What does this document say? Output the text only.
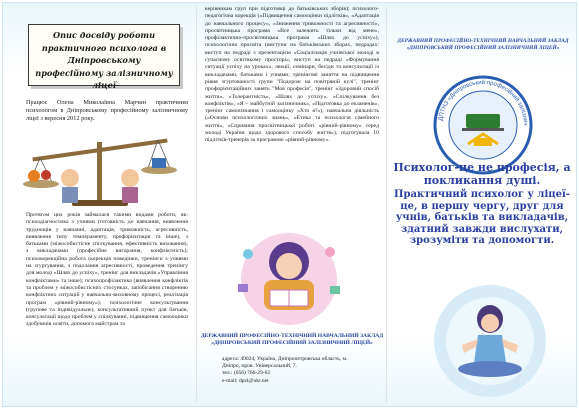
Опис досвіду роботи практичного психолога в Дніпровському професійному залізничному ліцеї
Працює Олена Миколаївна Марчин практичним психологом в Дніпровському професійному залізничному ліцеї з вересня 2012 року.
Протягом цих років займалася такими видами роботи, як: психодіагностика з учнями (готовність до навчання, виявлення труднощів у навчанні, адаптація, тривожність, агресивність, виявлення типу темпераменту, профорієнтація та інше), з батьками (міжособистісне спілкування, ефективність виховання), з викладачами (професійне вигорання, конфліктність); психокорекційна робота (корекція поведінки, тренінги з учнями на згуртування, з подолання агресивності, проведення тренінгу для молоді «Шлях до успіху», тренінг для викладачів «Управління конфліктами» та інше); психопрофілактика (виявлення конфліктів та проблем у міжособистісних стосунках, запобігання створенню конфліктних ситуацій у навчально-виховному процесі, реалізація програм «рівний-рівному»); психологічне консультування (групове та індивідуальне), консультативний пункт для батьків, консультації щодо проблем у спілкуванні, підвищення самооцінки здобувачів освіти, допомога майстрам та
керівникам груп при підготовці до батьківських зборів); психолого-педагогічна корекція («Підвищення самооцінки підлітків», «Адаптація до навчального процесу», «Зниження тривожності та агресивності», просвітницька програма «Все залежить тільки від мене», профілактично-просвітницька програма «Шлях до успіху»), психологічна просвіта (виступи на батьківських зборах, педрадах: виступ на педраді з презентацією «Соціалізація учнівської молоді в сучасному освітньому просторі», виступ на педраді «Формування ситуації успіху на уроках», лекції, семінари, бесіди та консультації із викладачами, батьками і учнями; тренінгові заняття на підвищення рівня згуртованості групи "Подорож на повітряній кулі", тренінг профорієнтаційних занять "Моя професія", тренінг «Здоровий спосіб життя», «Толерантність», «Шлях до успіху», «Спілкування без конфліктів», «Я – майбутній залізничник», «Підготовка до екзаменів», тренінг самопізнання і самооцінку «Хто я?»), навчальна діяльність («Основи психологічних знань», «Етика та психологія сімейного життя», «Сприяння просвітницької роботі «рівний-рівному» серед молоді України щодо здорового способу життя»), підготувала 10 підлітків-тренерів за програмою «рівний-рівному».
ДЕРЖАВНИЙ ПРОФЕСІЙНО-ТЕХНІЧНИЙ НАВЧАЛЬНИЙ ЗАКЛАД «ДНІПРОВСЬКИЙ ПРОФЕСІЙНИЙ ЗАЛІЗНИЧНИЙ ЛІЦЕЙ»
адреса: 49024, Україна, Дніпропетровська область, м.
Дніпро, пров. Універсальний, 7.
тел.: (056) 766-29-62
e-mail: dpzl@ukr.net
ДЕРЖАВНИЙ ПРОФЕСІЙНО-ТЕХНІЧНИЙ НАВЧАЛЬНИЙ ЗАКЛАД «ДНІПРОВСЬКИЙ ПРОФЕСІЙНИЙ ЗАЛІЗНИЧНИЙ ЛІЦЕЙ»
ДПТНЗ «Дніпровський професійний залізнич
Психолог-це не професія, а покликання душі.
Практичний психолог у ліцеї-це, в першу чергу, друг для учнів, батьків та викладачів, здатний завжди вислухати, зрозуміти та допомогти.
